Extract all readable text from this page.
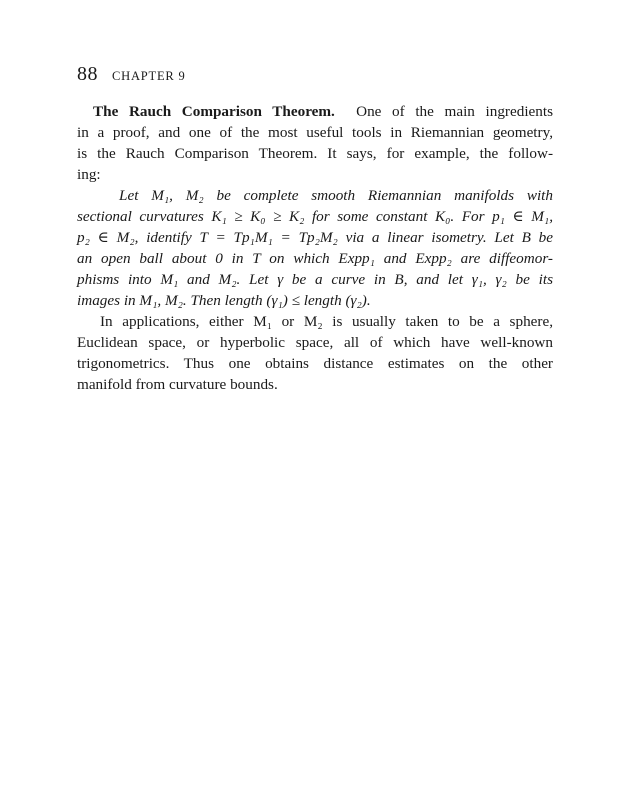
88 CHAPTER 9
The Rauch Comparison Theorem. One of the main ingredients
in a proof, and one of the most useful tools in Riemannian geometry,
is the Rauch Comparison Theorem. It says, for example, the follow-
ing:
Let M₁, M₂ be complete smooth Riemannian manifolds with
sectional curvatures K₁ ≥ K₀ ≥ K₂ for some constant K₀. For p₁ ∈ M₁,
p₂ ∈ M₂, identify T = Tp₁M₁ = Tp₂M₂ via a linear isometry. Let B be
an open ball about 0 in T on which Expp₁ and Expp₂ are diffeomor-
phisms into M₁ and M₂. Let γ be a curve in B, and let γ₁, γ₂ be its
images in M₁, M₂. Then length (γ₁) ≤ length (γ₂).
In applications, either M₁ or M₂ is usually taken to be a sphere,
Euclidean space, or hyperbolic space, all of which have well-known
trigonometrics. Thus one obtains distance estimates on the other
manifold from curvature bounds.
